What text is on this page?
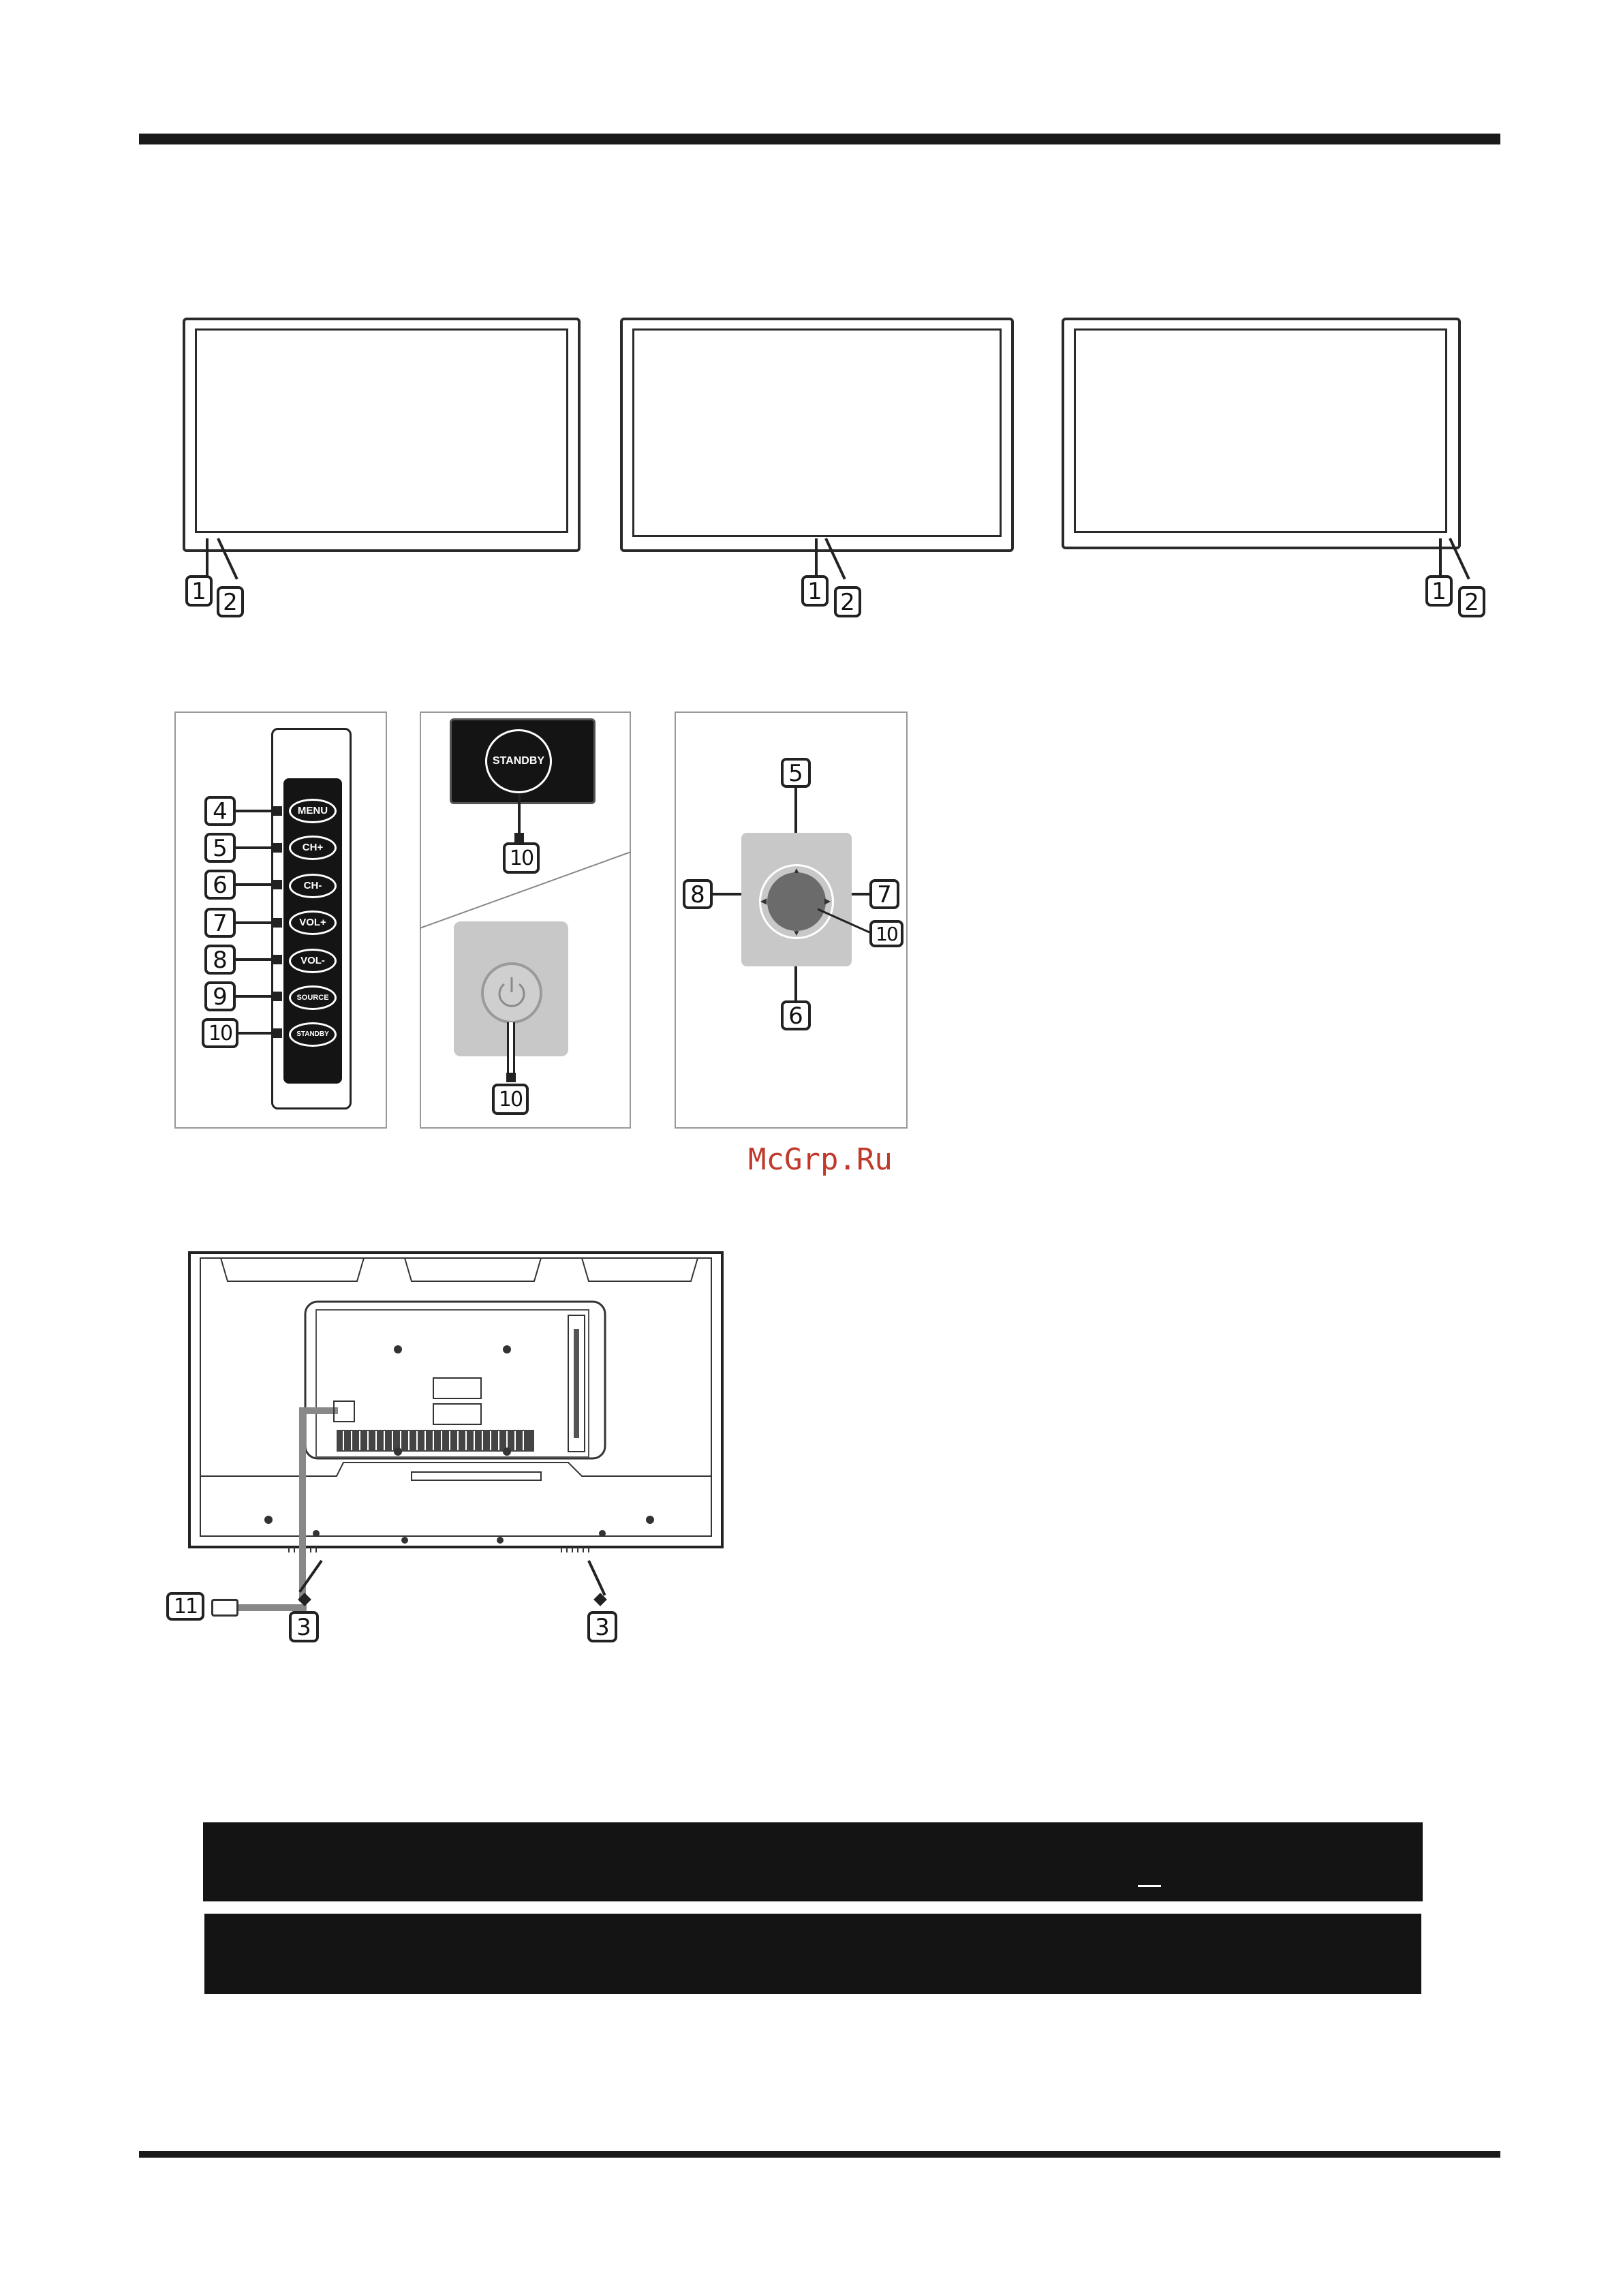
1 2	1 2	1 2
MENU
CH+
CH-
VOL+
VOL-
SOURCE
STANDBY
4
5
6
7
8
9
10
STANDBY
10
10
▲
▼
◀	▶
5
6
8	7
10
McGrp.Ru
11
3	3
